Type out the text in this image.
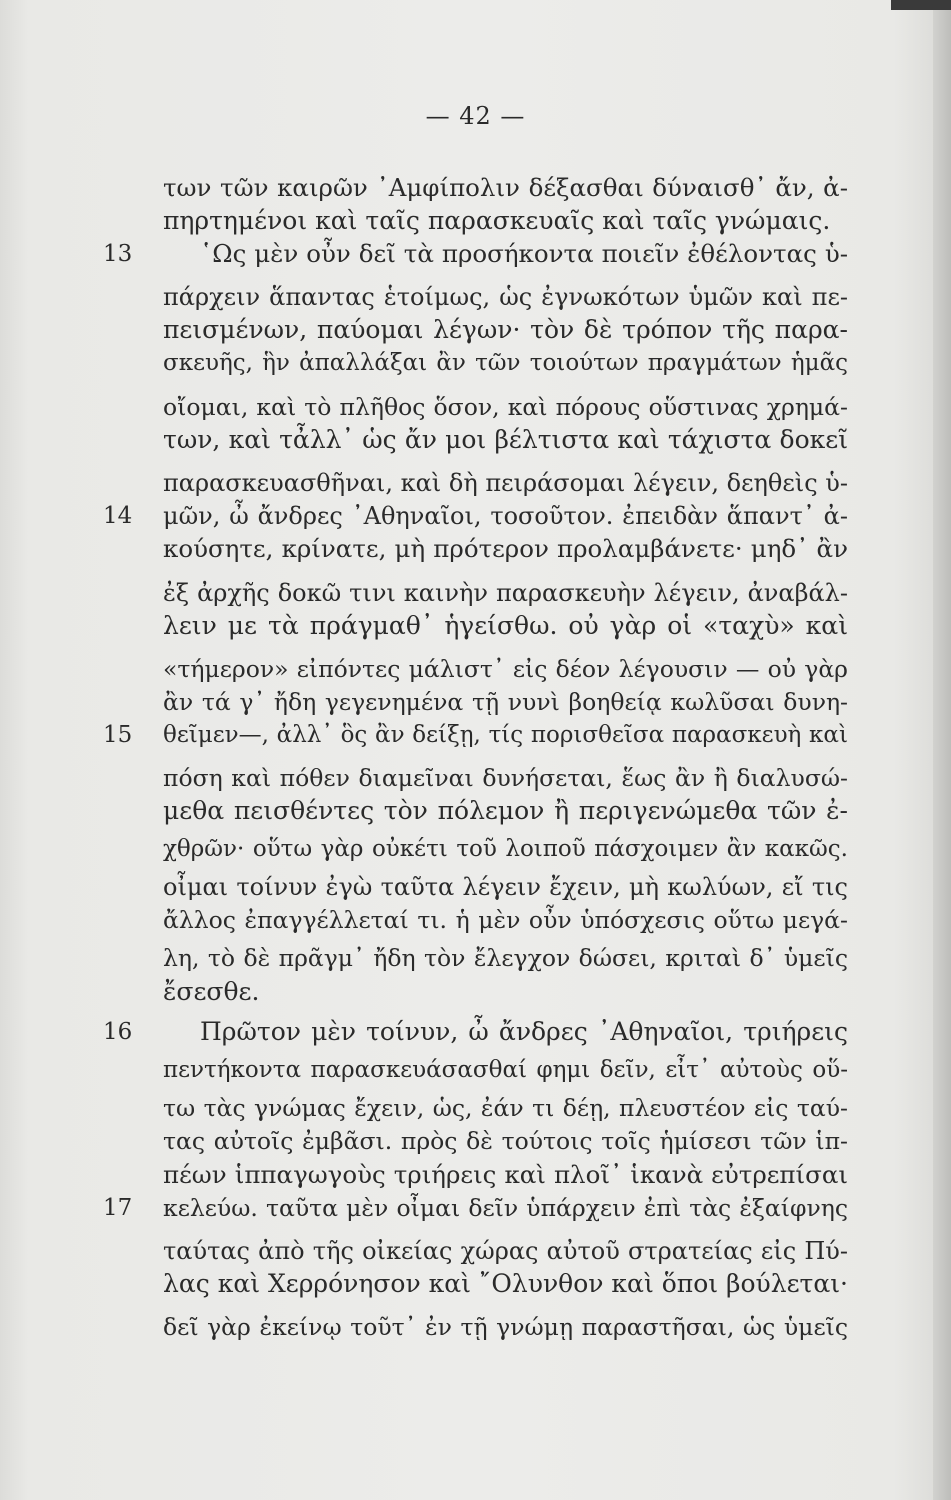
— 42 —
13
14
15
16
17
των τῶν καιρῶν ᾿Αμφίπολιν δέξασθαι δύναισθ᾿ ἄν, ἀ-
πηρτημένοι καὶ ταῖς παρασκευαῖς καὶ ταῖς γνώμαις.
῾Ως μὲν οὖν δεῖ τὰ προσήκοντα ποιεῖν ἐθέλοντας ὑ-
πάρχειν ἅπαντας ἑτοίμως, ὡς ἐγνωκότων ὑμῶν καὶ πε-
πεισμένων, παύομαι λέγων· τὸν δὲ τρόπον τῆς παρα-
σκευῆς, ἣν ἀπαλλάξαι ἂν τῶν τοιούτων πραγμάτων ἡμᾶς
οἴομαι, καὶ τὸ πλῆθος ὅσον, καὶ πόρους οὕστινας χρημά-
των, καὶ τἆλλ᾿ ὡς ἄν μοι βέλτιστα καὶ τάχιστα δοκεῖ
παρασκευασθῆναι, καὶ δὴ πειράσομαι λέγειν, δεηθεὶς ὑ-
μῶν, ὦ ἄνδρες ᾿Αθηναῖοι, τοσοῦτον. ἐπειδὰν ἅπαντ᾿ ἀ-
κούσητε, κρίνατε, μὴ πρότερον προλαμβάνετε· μηδ᾿ ἂν
ἐξ ἀρχῆς δοκῶ τινι καινὴν παρασκευὴν λέγειν, ἀναβάλ-
λειν με τὰ πράγμαθ᾿ ἡγείσθω. οὐ γὰρ οἱ «ταχὺ» καὶ
«τήμερον» εἰπόντες μάλιστ᾿ εἰς δέον λέγουσιν — οὐ γὰρ
ἂν τά γ᾿ ἤδη γεγενημένα τῇ νυνὶ βοηθείᾳ κωλῦσαι δυνη-
θεῖμεν—, ἀλλ᾿ ὃς ἂν δείξῃ, τίς πορισθεῖσα παρασκευὴ καὶ
πόση καὶ πόθεν διαμεῖναι δυνήσεται, ἕως ἂν ἢ διαλυσώ-
μεθα πεισθέντες τὸν πόλεμον ἢ περιγενώμεθα τῶν ἐ-
χθρῶν· οὕτω γὰρ οὐκέτι τοῦ λοιποῦ πάσχοιμεν ἂν κακῶς.
οἶμαι τοίνυν ἐγὼ ταῦτα λέγειν ἔχειν, μὴ κωλύων, εἴ τις
ἄλλος ἐπαγγέλλεταί τι. ἡ μὲν οὖν ὑπόσχεσις οὕτω μεγά-
λη, τὸ δὲ πρᾶγμ᾿ ἤδη τὸν ἔλεγχον δώσει, κριταὶ δ᾿ ὑμεῖς
ἔσεσθε.
Πρῶτον μὲν τοίνυν, ὦ ἄνδρες ᾿Αθηναῖοι, τριήρεις
πεντήκοντα παρασκευάσασθαί φημι δεῖν, εἶτ᾿ αὐτοὺς οὕ-
τω τὰς γνώμας ἔχειν, ὡς, ἐάν τι δέῃ, πλευστέον εἰς ταύ-
τας αὐτοῖς ἐμβᾶσι. πρὸς δὲ τούτοις τοῖς ἡμίσεσι τῶν ἱπ-
πέων ἱππαγωγοὺς τριήρεις καὶ πλοῖ᾿ ἱκανὰ εὐτρεπίσαι
κελεύω. ταῦτα μὲν οἶμαι δεῖν ὑπάρχειν ἐπὶ τὰς ἐξαίφνης
ταύτας ἀπὸ τῆς οἰκείας χώρας αὐτοῦ στρατείας εἰς Πύ-
λας καὶ Χερρόνησον καὶ ῎Ολυνθον καὶ ὅποι βούλεται·
δεῖ γὰρ ἐκείνῳ τοῦτ᾿ ἐν τῇ γνώμῃ παραστῆσαι, ὡς ὑμεῖς
